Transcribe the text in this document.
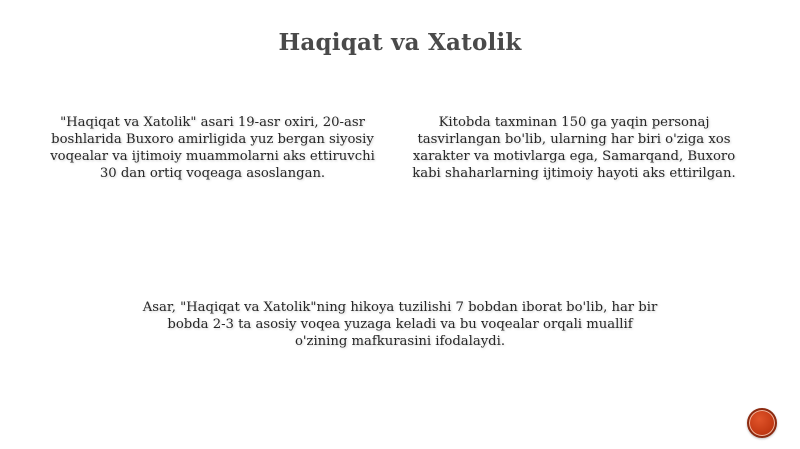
Haqiqat va Xatolik

"Haqiqat va Xatolik" asari 19-asr oxiri, 20-asr boshlarida Buxoro amirligida yuz bergan siyosiy voqealar va ijtimoiy muammolarni aks ettiruvchi 30 dan ortiq voqeaga asoslangan.

Kitobda taxminan 150 ga yaqin personaj tasvirlangan bo'lib, ularning har biri o'ziga xos xarakter va motivlarga ega, Samarqand, Buxoro kabi shaharlarning ijtimoiy hayoti aks ettirilgan.

Asar, "Haqiqat va Xatolik"ning hikoya tuzilishi 7 bobdan iborat bo'lib, har bir bobda 2-3 ta asosiy voqea yuzaga keladi va bu voqealar orqali muallif o'zining mafkurasini ifodalaydi.
